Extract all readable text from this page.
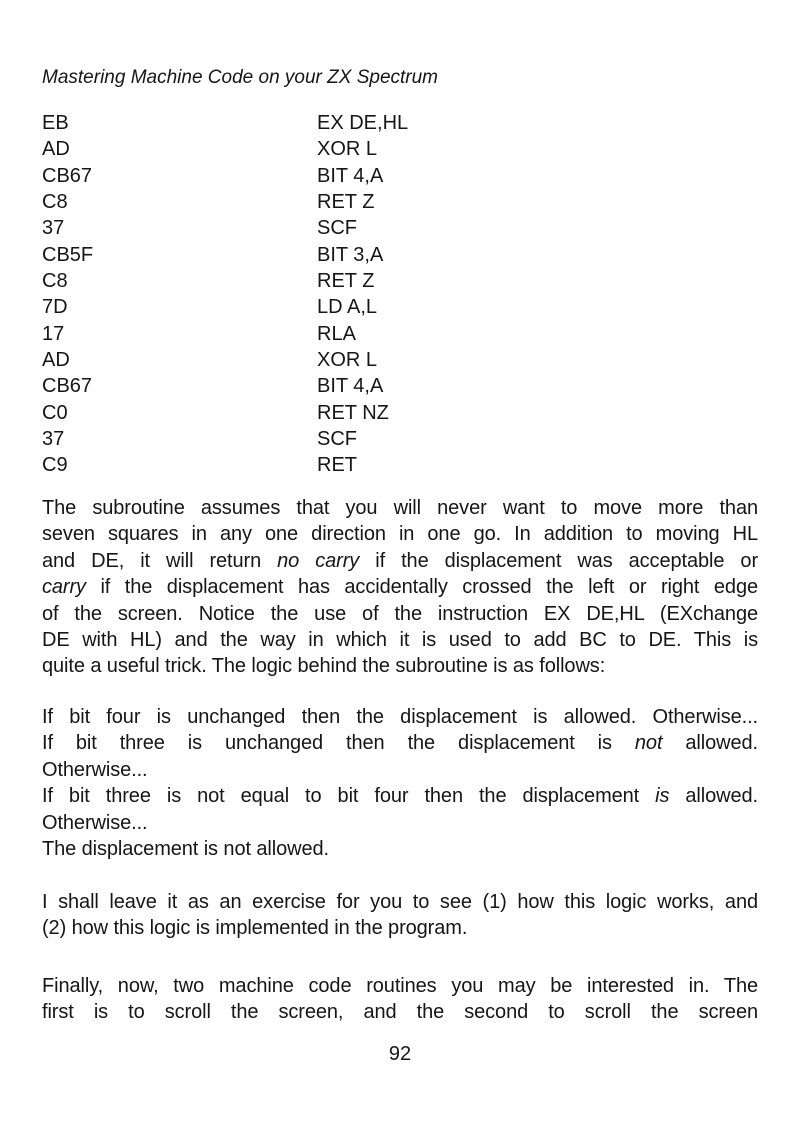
Mastering Machine Code on your ZX Spectrum
EB	EX DE,HL
AD	XOR L
CB67	BIT 4,A
C8	RET Z
37	SCF
CB5F	BIT 3,A
C8	RET Z
7D	LD A,L
17	RLA
AD	XOR L
CB67	BIT 4,A
C0	RET NZ
37	SCF
C9	RET
The subroutine assumes that you will never want to move more than
seven squares in any one direction in one go. In addition to moving HL
and DE, it will return no carry if the displacement was acceptable or
carry if the displacement has accidentally crossed the left or right edge
of the screen. Notice the use of the instruction EX DE,HL (EXchange
DE with HL) and the way in which it is used to add BC to DE. This is
quite a useful trick. The logic behind the subroutine is as follows:
If bit four is unchanged then the displacement is allowed. Otherwise...
If bit three is unchanged then the displacement is not allowed.
Otherwise...
If bit three is not equal to bit four then the displacement is allowed.
Otherwise...
The displacement is not allowed.
I shall leave it as an exercise for you to see (1) how this logic works, and
(2) how this logic is implemented in the program.
Finally, now, two machine code routines you may be interested in. The
first is to scroll the screen, and the second to scroll the screen
92
